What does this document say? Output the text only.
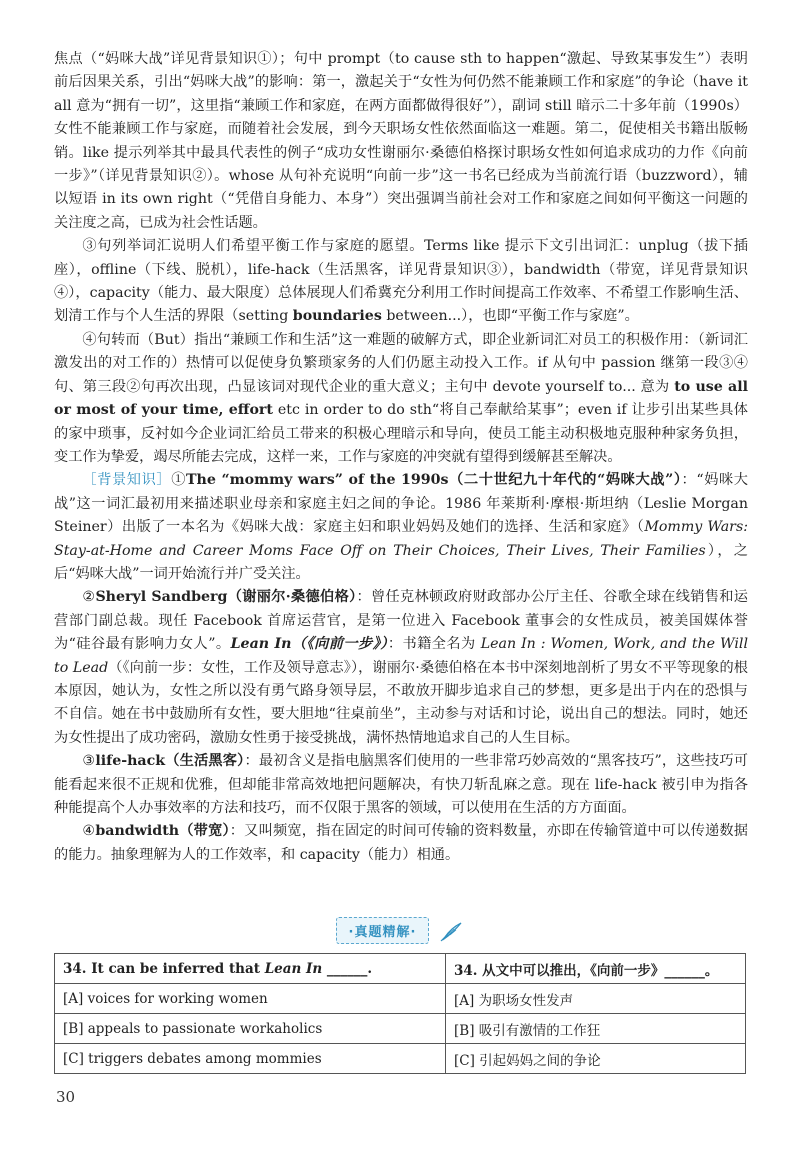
焦点（“妈咪大战”详见背景知识①）；句中 prompt（to cause sth to happen“激起、导致某事发生”）表明前后因果关系，引出“妈咪大战”的影响：第一，激起关于“女性为何仍然不能兼顾工作和家庭”的争论（have it all 意为“拥有一切”，这里指“兼顾工作和家庭，在两方面都做得很好”），副词 still 暗示二十多年前（1990s）女性不能兼顾工作与家庭，而随着社会发展，到今天职场女性依然面临这一难题。第二，促使相关书籍出版畅销。like 提示列举其中最具代表性的例子“成功女性谢丽尔·桑德伯格探讨职场女性如何追求成功的力作《向前一步》”（详见背景知识②）。whose 从句补充说明“向前一步”这一书名已经成为当前流行语（buzzword），辅以短语 in its own right（“凭借自身能力、本身”）突出强调当前社会对工作和家庭之间如何平衡这一问题的关注度之高，已成为社会性话题。

③句列举词汇说明人们希望平衡工作与家庭的愿望。Terms like 提示下文引出词汇：unplug（拔下插座），offline（下线、脱机），life-hack（生活黑客，详见背景知识③），bandwidth（带宽，详见背景知识④），capacity（能力、最大限度）总体展现人们希冀充分利用工作时间提高工作效率、不希望工作影响生活、划清工作与个人生活的界限（setting boundaries between...），也即“平衡工作与家庭”。

④句转而（But）指出“兼顾工作和生活”这一难题的破解方式，即企业新词汇对员工的积极作用：（新词汇激发出的对工作的）热情可以促使身负繁琐家务的人们仍愿主动投入工作。if 从句中 passion 继第一段③④句、第三段②句再次出现，凸显该词对现代企业的重大意义；主句中 devote yourself to... 意为 to use all or most of your time, effort etc in order to do sth“将自己奉献给某事”；even if 让步引出某些具体的家中琐事，反衬如今企业词汇给员工带来的积极心理暗示和导向，使员工能主动积极地克服种种家务负担，变工作为挚爱，竭尽所能去完成，这样一来，工作与家庭的冲突就有望得到缓解甚至解决。

［背景知识］①The “mommy wars” of the 1990s（二十世纪九十年代的“妈咪大战”）：“妈咪大战”这一词汇最初用来描述职业母亲和家庭主妇之间的争论。1986 年莱斯利·摩根·斯坦纳（Leslie Morgan Steiner）出版了一本名为《妈咪大战：家庭主妇和职业妈妈及她们的选择、生活和家庭》（Mommy Wars: Stay-at-Home and Career Moms Face Off on Their Choices, Their Lives, Their Families），之后“妈咪大战”一词开始流行并广受关注。

②Sheryl Sandberg（谢丽尔·桑德伯格）：曾任克林顿政府财政部办公厅主任、谷歌全球在线销售和运营部门副总裁。现任 Facebook 首席运营官，是第一位进入 Facebook 董事会的女性成员，被美国媒体誉为“硅谷最有影响力女人”。Lean In（《向前一步》）：书籍全名为 Lean In : Women, Work, and the Will to Lead（《向前一步：女性，工作及领导意志》），谢丽尔·桑德伯格在本书中深刻地剖析了男女不平等现象的根本原因，她认为，女性之所以没有勇气路身领导层，不敢放开脚步追求自己的梦想，更多是出于内在的恐惧与不自信。她在书中鼓励所有女性，要大胆地“往桌前坐”，主动参与对话和讨论，说出自己的想法。同时，她还为女性提出了成功密码，激励女性勇于接受挑战，满怀热情地追求自己的人生目标。

③life-hack（生活黑客）：最初含义是指电脑黑客们使用的一些非常巧妙高效的“黑客技巧”，这些技巧可能看起来很不正规和优雅，但却能非常高效地把问题解决，有快刀斩乱麻之意。现在 life-hack 被引申为指各种能提高个人办事效率的方法和技巧，而不仅限于黑客的领域，可以使用在生活的方方面面。

④bandwidth（带宽）：又叫频宽，指在固定的时间可传输的资料数量，亦即在传输管道中可以传递数据的能力。抽象理解为人的工作效率，和 capacity（能力）相通。

·真题精解·
34. It can be inferred that Lean In ______.	34. 从文中可以推出，《向前一步》______。
[A] voices for working women	[A] 为职场女性发声
[B] appeals to passionate workaholics	[B] 吸引有激情的工作狂
[C] triggers debates among mommies	[C] 引起妈妈之间的争论
30
